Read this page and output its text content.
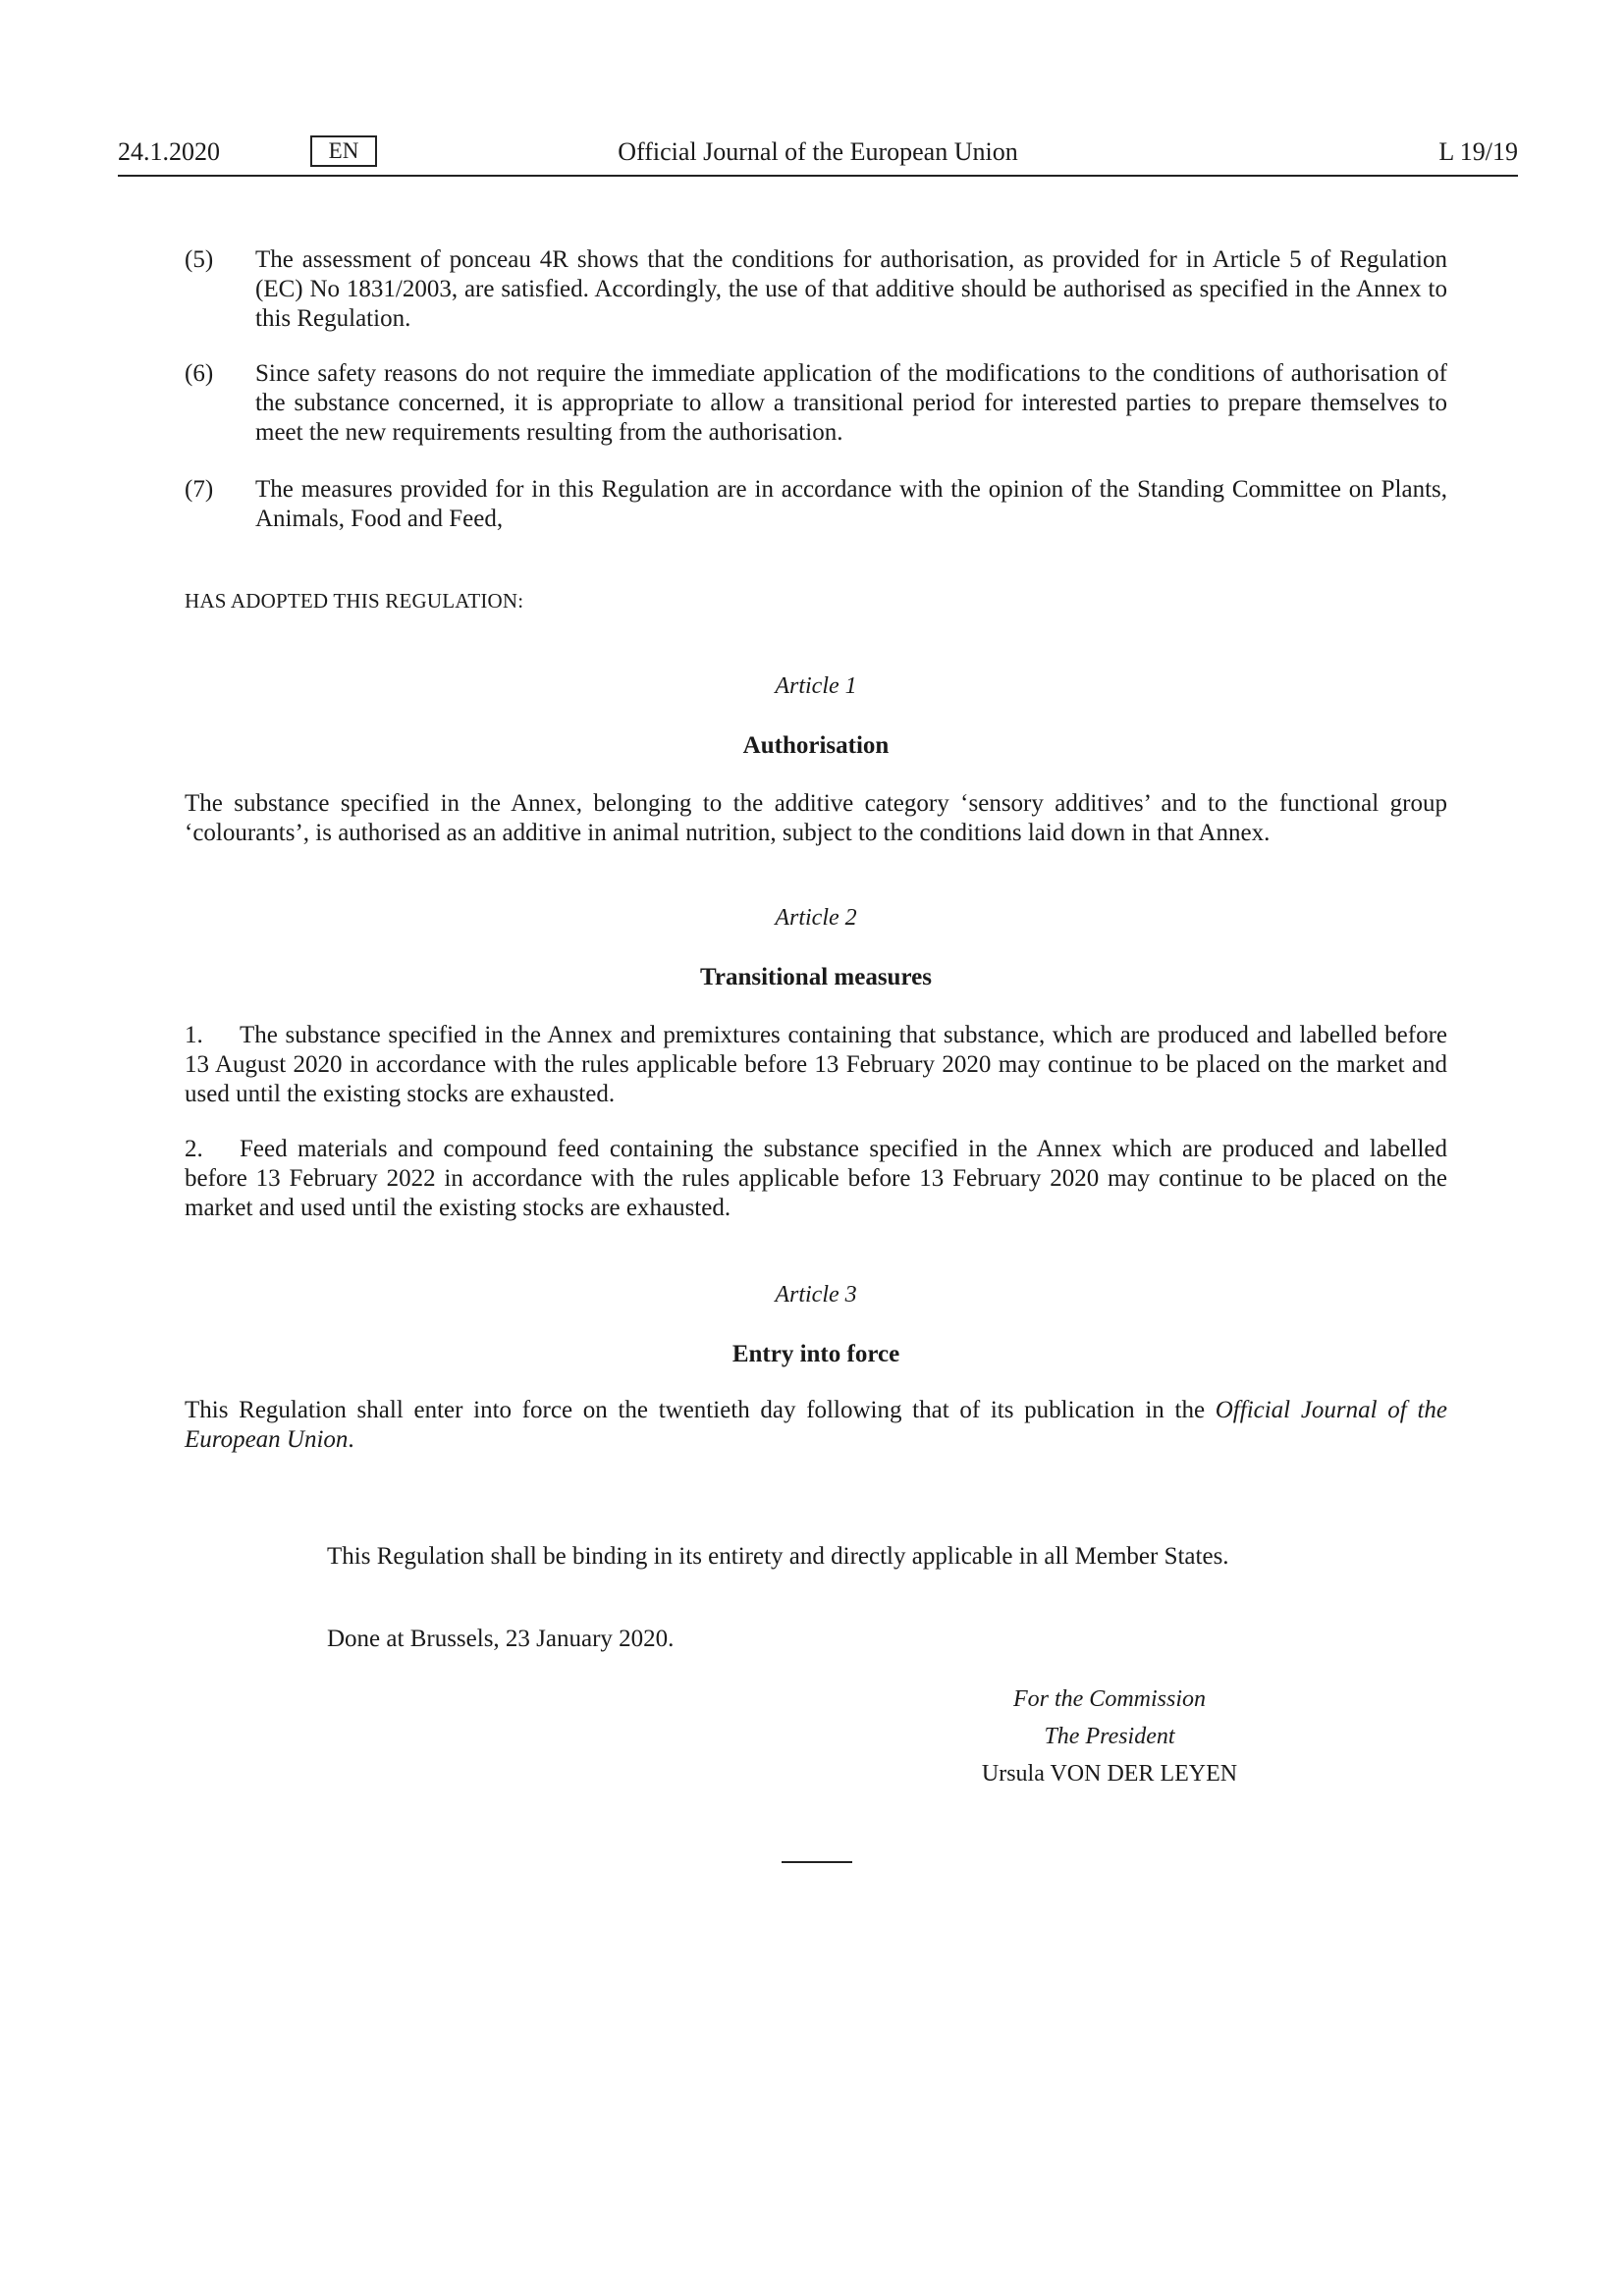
24.1.2020	EN	Official Journal of the European Union	L 19/19
(5) The assessment of ponceau 4R shows that the conditions for authorisation, as provided for in Article 5 of Regulation (EC) No 1831/2003, are satisfied. Accordingly, the use of that additive should be authorised as specified in the Annex to this Regulation.
(6) Since safety reasons do not require the immediate application of the modifications to the conditions of authorisation of the substance concerned, it is appropriate to allow a transitional period for interested parties to prepare themselves to meet the new requirements resulting from the authorisation.
(7) The measures provided for in this Regulation are in accordance with the opinion of the Standing Committee on Plants, Animals, Food and Feed,
HAS ADOPTED THIS REGULATION:
Article 1
Authorisation
The substance specified in the Annex, belonging to the additive category ‘sensory additives’ and to the functional group ‘colourants’, is authorised as an additive in animal nutrition, subject to the conditions laid down in that Annex.
Article 2
Transitional measures
1. The substance specified in the Annex and premixtures containing that substance, which are produced and labelled before 13 August 2020 in accordance with the rules applicable before 13 February 2020 may continue to be placed on the market and used until the existing stocks are exhausted.
2. Feed materials and compound feed containing the substance specified in the Annex which are produced and labelled before 13 February 2022 in accordance with the rules applicable before 13 February 2020 may continue to be placed on the market and used until the existing stocks are exhausted.
Article 3
Entry into force
This Regulation shall enter into force on the twentieth day following that of its publication in the Official Journal of the European Union.
This Regulation shall be binding in its entirety and directly applicable in all Member States.
Done at Brussels, 23 January 2020.
For the Commission
The President
Ursula VON DER LEYEN
